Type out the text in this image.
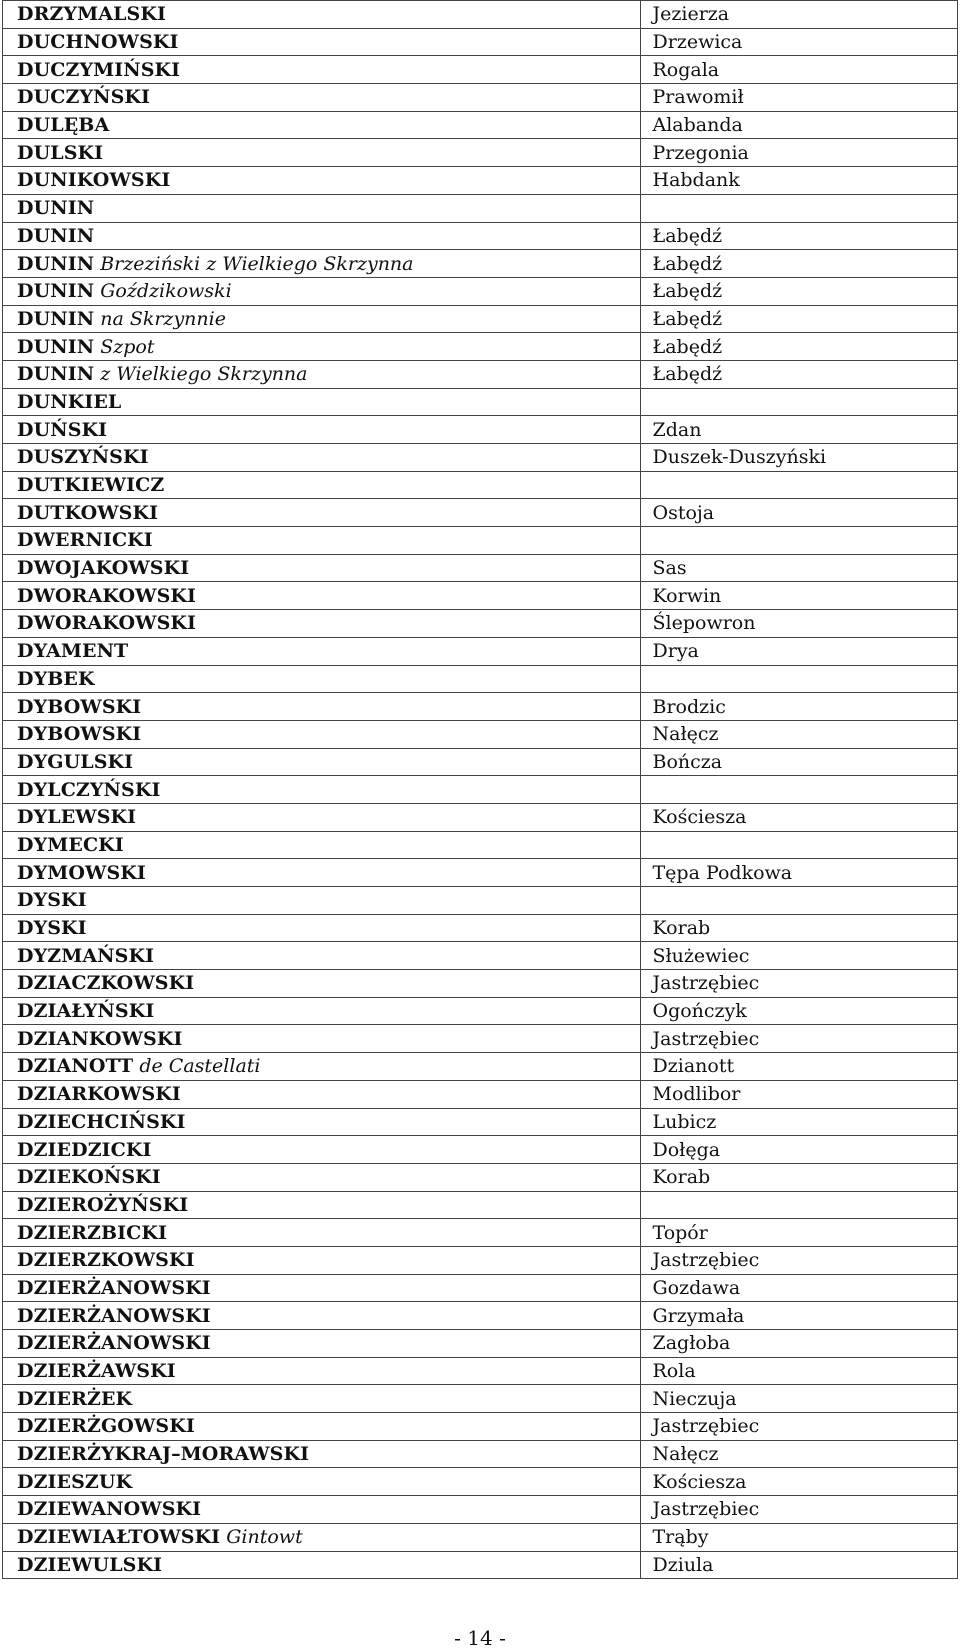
DRZYMALSKI	Jezierza
DUCHNOWSKI	Drzewica
DUCZYMIŃSKI	Rogala
DUCZYŃSKI	Prawomił
DULĘBA	Alabanda
DULSKI	Przegonia
DUNIKOWSKI	Habdank
DUNIN	
DUNIN	Łabędź
DUNIN Brzeziński z Wielkiego Skrzynna	Łabędź
DUNIN Goździkowski	Łabędź
DUNIN na Skrzynnie	Łabędź
DUNIN Szpot	Łabędź
DUNIN z Wielkiego Skrzynna	Łabędź
DUNKIEL	
DUŃSKI	Zdan
DUSZYŃSKI	Duszek-Duszyński
DUTKIEWICZ	
DUTKOWSKI	Ostoja
DWERNICKI	
DWOJAKOWSKI	Sas
DWORAKOWSKI	Korwin
DWORAKOWSKI	Ślepowron
DYAMENT	Drya
DYBEK	
DYBOWSKI	Brodzic
DYBOWSKI	Nałęcz
DYGULSKI	Bończa
DYLCZYŃSKI	
DYLEWSKI	Kościesza
DYMECKI	
DYMOWSKI	Tępa Podkowa
DYSKI	
DYSKI	Korab
DYZMAŃSKI	Służewiec
DZIACZKOWSKI	Jastrzębiec
DZIAŁYŃSKI	Ogończyk
DZIANKOWSKI	Jastrzębiec
DZIANOTT de Castellati	Dzianott
DZIARKOWSKI	Modlibor
DZIECHCIŃSKI	Lubicz
DZIEDZICKI	Dołęga
DZIEKOŃSKI	Korab
DZIEROŻYŃSKI	
DZIERZBICKI	Topór
DZIERZKOWSKI	Jastrzębiec
DZIERŻANOWSKI	Gozdawa
DZIERŻANOWSKI	Grzymała
DZIERŻANOWSKI	Zagłoba
DZIERŻAWSKI	Rola
DZIERŻEK	Nieczuja
DZIERŻGOWSKI	Jastrzębiec
DZIERŻYKRAJ–MORAWSKI	Nałęcz
DZIESZUK	Kościesza
DZIEWANOWSKI	Jastrzębiec
DZIEWIAŁTOWSKI Gintowt	Trąby
DZIEWULSKI	Dziula
- 14 -
